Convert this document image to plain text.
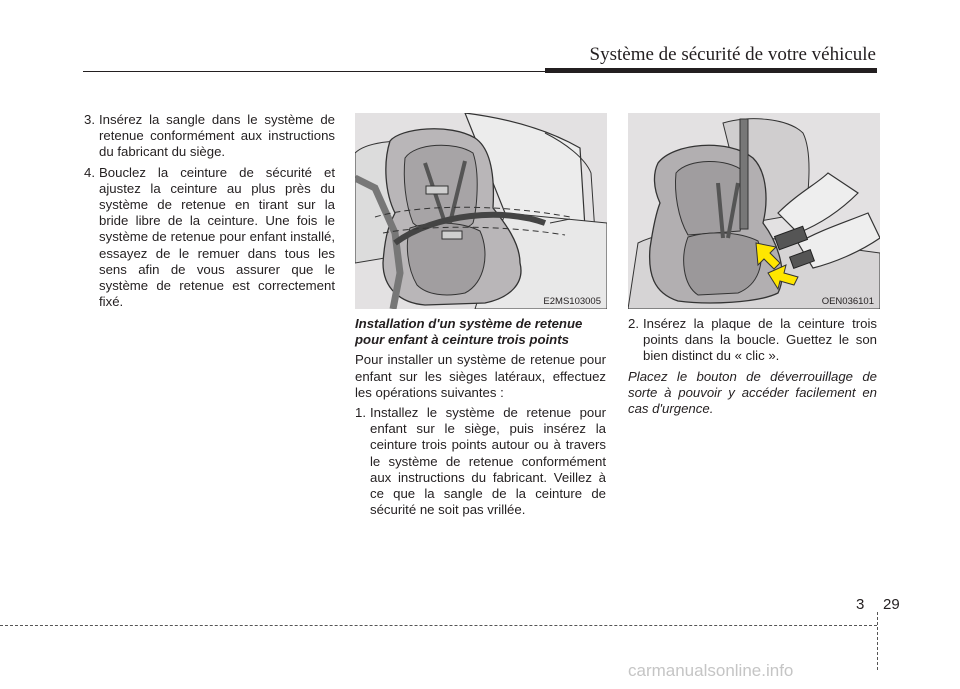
Système de sécurité de votre véhicule
3. Insérez la sangle dans le système de retenue conformément aux instructions du fabricant du siège.
4. Bouclez la ceinture de sécurité et ajustez la ceinture au plus près du système de retenue en tirant sur la bride libre de la ceinture. Une fois le système de retenue pour enfant installé, essayez de le remuer dans tous les sens afin de vous assurer que le système de retenue est correctement fixé.	E2MS103005	OEN036101
Installation d'un système de retenue pour enfant à ceinture trois points
Pour installer un système de retenue pour enfant sur les sièges latéraux, effectuez les opérations suivantes :
1. Installez le système de retenue pour enfant sur le siège, puis insérez la ceinture trois points autour ou à travers le système de retenue conformément aux instructions du fabricant. Veillez à ce que la sangle de la ceinture de sécurité ne soit pas vrillée.
2. Insérez la plaque de la ceinture trois points dans la boucle. Guettez le son bien distinct du « clic ».
Placez le bouton de déverrouillage de sorte à pouvoir y accéder facilement en cas d'urgence.
3 29
carmanualsonline.info
